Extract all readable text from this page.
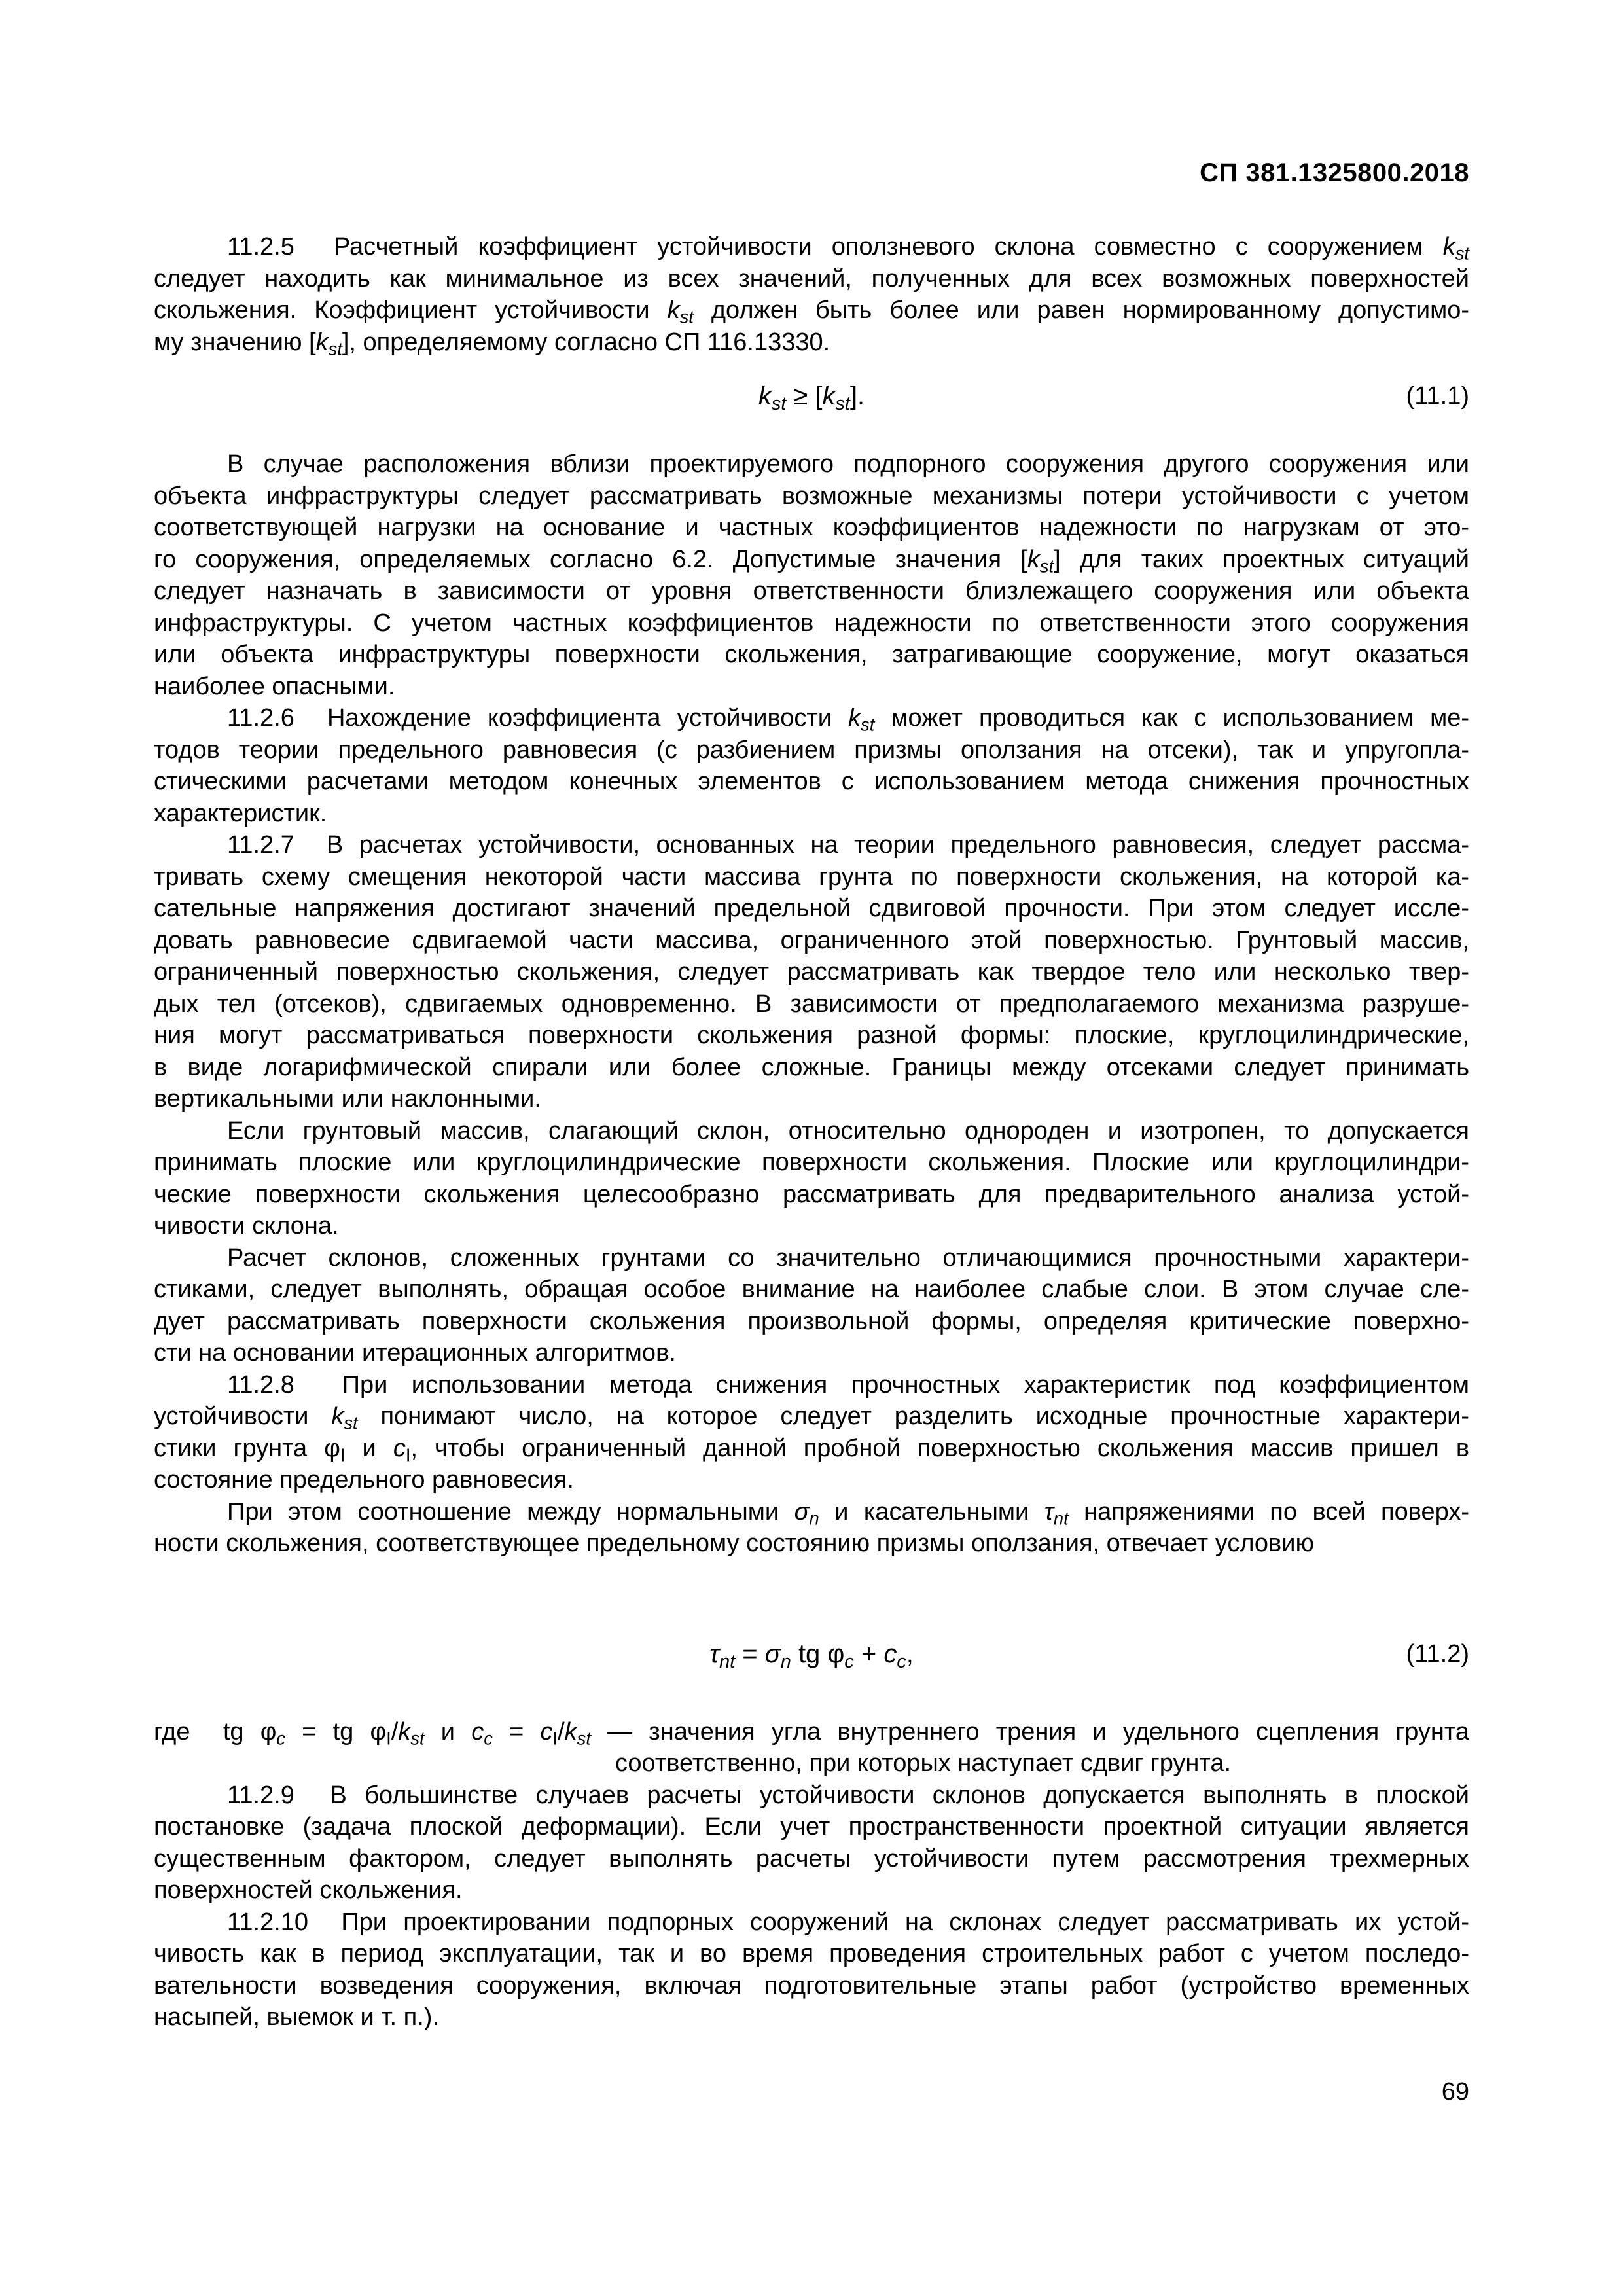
СП 381.1325800.2018
11.2.5  Расчетный коэффициент устойчивости оползневого склона совместно с сооружением $k_{st}$
следует находить как минимальное из всех значений, полученных для всех возможных поверхностей
скольжения. Коэффициент устойчивости $k_{st}$ должен быть более или равен нормированному допустимо-
му значению $[k_{st}]$, определяемому согласно СП 116.13330.
$k_{st} \ge [k_{st}]$.	(11.1)
В случае расположения вблизи проектируемого подпорного сооружения другого сооружения или
объекта инфраструктуры следует рассматривать возможные механизмы потери устойчивости с учетом
соответствующей нагрузки на основание и частных коэффициентов надежности по нагрузкам от это-
го сооружения, определяемых согласно 6.2. Допустимые значения $[k_{st}]$ для таких проектных ситуаций
следует назначать в зависимости от уровня ответственности близлежащего сооружения или объекта
инфраструктуры. С учетом частных коэффициентов надежности по ответственности этого сооружения
или объекта инфраструктуры поверхности скольжения, затрагивающие сооружение, могут оказаться
наиболее опасными.
11.2.6  Нахождение коэффициента устойчивости $k_{st}$ может проводиться как с использованием ме-
тодов теории предельного равновесия (с разбиением призмы оползания на отсеки), так и упругопла-
стическими расчетами методом конечных элементов с использованием метода снижения прочностных
характеристик.
11.2.7  В расчетах устойчивости, основанных на теории предельного равновесия, следует рассма-
тривать схему смещения некоторой части массива грунта по поверхности скольжения, на которой ка-
сательные напряжения достигают значений предельной сдвиговой прочности. При этом следует иссле-
довать равновесие сдвигаемой части массива, ограниченного этой поверхностью. Грунтовый массив,
ограниченный поверхностью скольжения, следует рассматривать как твердое тело или несколько твер-
дых тел (отсеков), сдвигаемых одновременно. В зависимости от предполагаемого механизма разруше-
ния могут рассматриваться поверхности скольжения разной формы: плоские, круглоцилиндрические,
в виде логарифмической спирали или более сложные. Границы между отсеками следует принимать
вертикальными или наклонными.
Если грунтовый массив, слагающий склон, относительно однороден и изотропен, то допускается
принимать плоские или круглоцилиндрические поверхности скольжения. Плоские или круглоцилиндри-
ческие поверхности скольжения целесообразно рассматривать для предварительного анализа устой-
чивости склона.
Расчет склонов, сложенных грунтами со значительно отличающимися прочностными характери-
стиками, следует выполнять, обращая особое внимание на наиболее слабые слои. В этом случае сле-
дует рассматривать поверхности скольжения произвольной формы, определяя критические поверхно-
сти на основании итерационных алгоритмов.
11.2.8  При использовании метода снижения прочностных характеристик под коэффициентом
устойчивости $k_{st}$ понимают число, на которое следует разделить исходные прочностные характери-
стики грунта $\varphi_I$ и $c_I$, чтобы ограниченный данной пробной поверхностью скольжения массив пришел в
состояние предельного равновесия.
При этом соотношение между нормальными $\sigma_n$ и касательными $\tau_{nt}$ напряжениями по всей поверх-
ности скольжения, соответствующее предельному состоянию призмы оползания, отвечает условию
$\tau_{nt} = \sigma_n$ tg $\varphi_c + c_c$,	(11.2)
где  tg $\varphi_c$ = tg $\varphi_I/k_{st}$ и $c_c = c_I/k_{st}$ — значения угла внутреннего трения и удельного сцепления грунта
соответственно, при которых наступает сдвиг грунта.
11.2.9  В большинстве случаев расчеты устойчивости склонов допускается выполнять в плоской
постановке (задача плоской деформации). Если учет пространственности проектной ситуации является
существенным фактором, следует выполнять расчеты устойчивости путем рассмотрения трехмерных
поверхностей скольжения.
11.2.10  При проектировании подпорных сооружений на склонах следует рассматривать их устой-
чивость как в период эксплуатации, так и во время проведения строительных работ с учетом последо-
вательности возведения сооружения, включая подготовительные этапы работ (устройство временных
насыпей, выемок и т. п.).
69
